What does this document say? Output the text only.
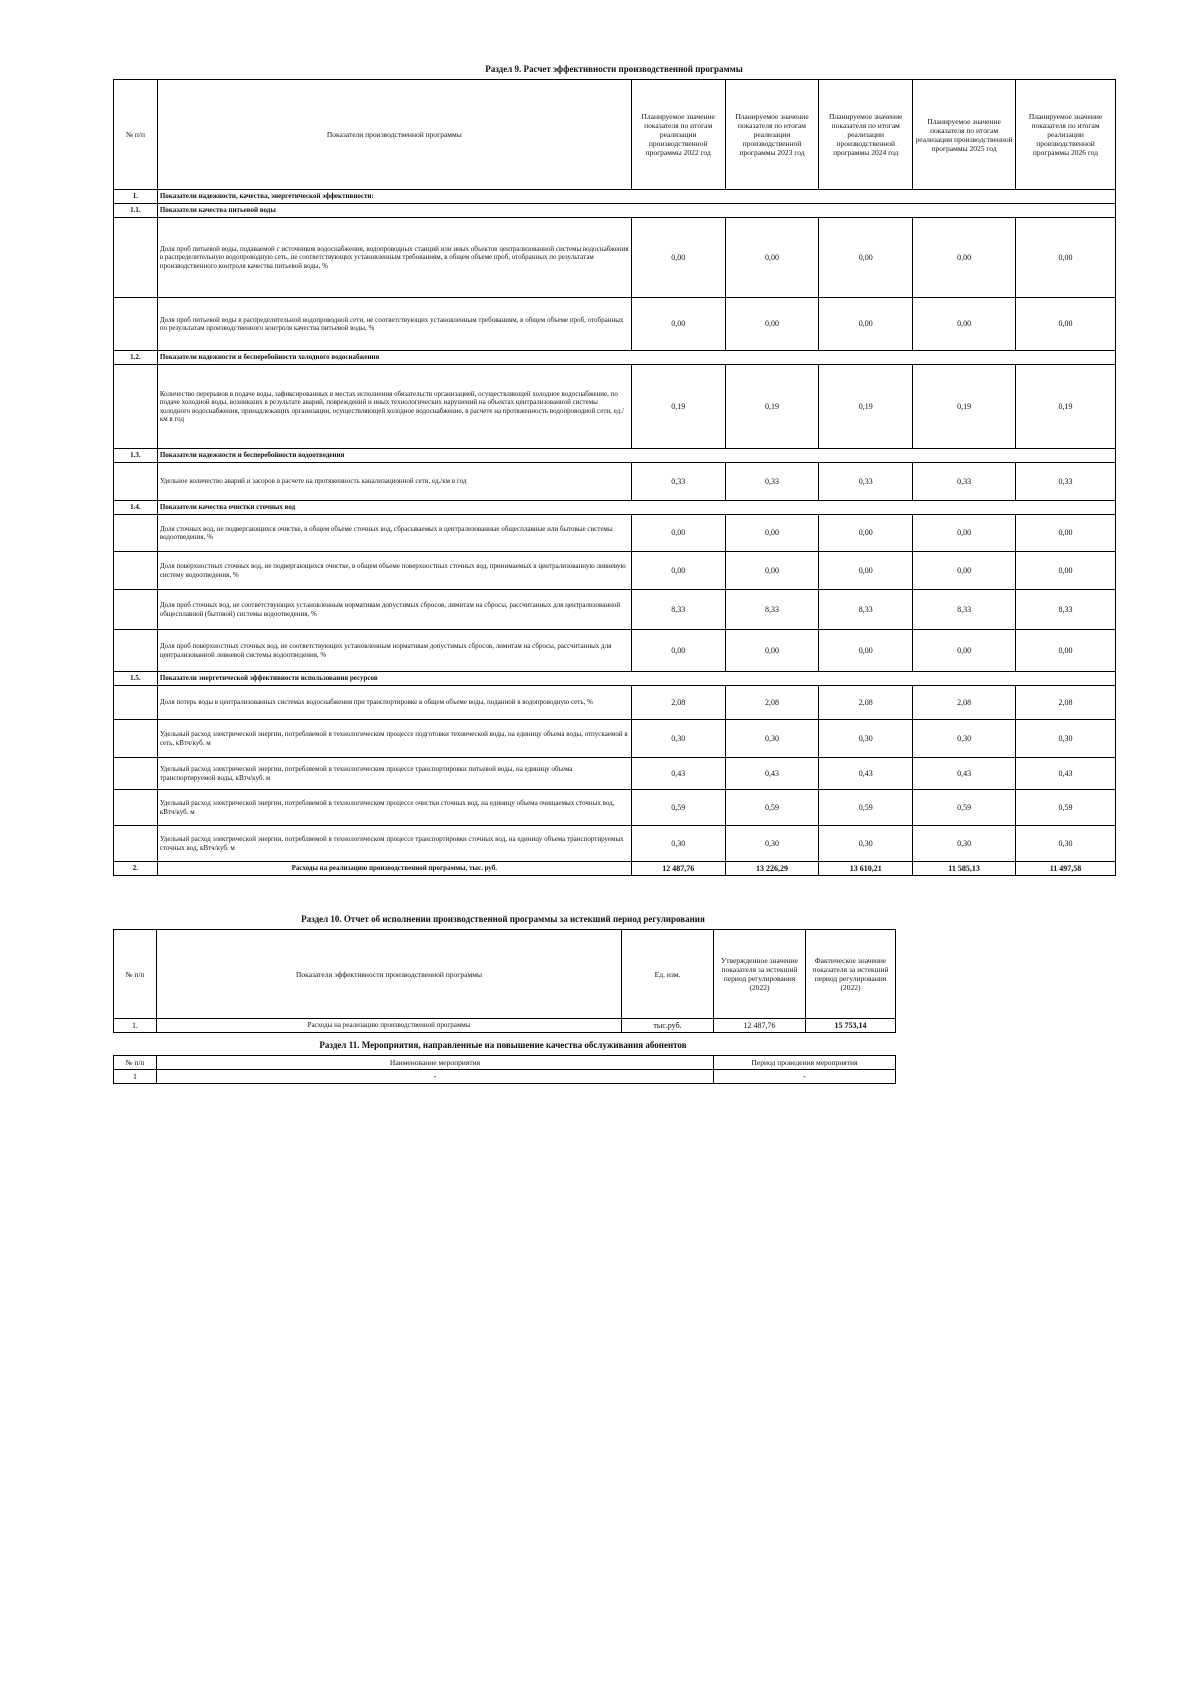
Раздел 9. Расчет эффективности производственной программы
№ п/п	Показатели производственной программы	Планируемое значение показателя по итогам реализации производственной программы 2022 год	Планируемое значение показателя по итогам реализации производственной программы 2023 год	Планируемое значение показателя по итогам реализации производственной программы 2024 год	Планируемое значение показателя по итогам реализации производственной программы 2025 год	Планируемое значение показателя по итогам реализации производственной программы 2026 год
1.	Показатели надежности, качества, энергетической эффективности:					
1.1.	Показатели качества питьевой воды					
	Доля проб питьевой воды, подаваемой с источников водоснабжения, водопроводных станций или иных объектов централизованной системы водоснабжения в распределительную водопроводную сеть, не соответствующих установленным требованиям, в общем объеме проб, отобранных по результатам производственного контроля качества питьевой воды, %	0,00	0,00	0,00	0,00	0,00
	Доля проб питьевой воды в распределительной водопроводной сети, не соответствующих установленным требованиям, в общем объеме проб, отобранных по результатам производственного контроля качества питьевой воды, %	0,00	0,00	0,00	0,00	0,00
1.2.	Показатели надежности и бесперебойности холодного водоснабжения					
	Количество перерывов в подаче воды, зафиксированных в местах исполнения обязательств организацией, осуществляющей холодное водоснабжение, по подаче холодной воды, возникших в результате аварий, повреждений и иных технологических нарушений на объектах централизованной системы холодного водоснабжения, принадлежащих организации, осуществляющей холодное водоснабжение, в расчете на протяженность водопроводной сети, ед./км в год	0,19	0,19	0,19	0,19	0,19
1.3.	Показатели надежности и бесперебойности водоотведения					
	Удельное количество аварий и засоров в расчете на протяженность канализационной сети, ед./км в год	0,33	0,33	0,33	0,33	0,33
1.4.	Показатели качества очистки сточных вод					
	Доля сточных вод, не подвергающихся очистке, в общем объеме сточных вод, сбрасываемых в централизованные общесплавные или бытовые системы водоотведения, %	0,00	0,00	0,00	0,00	0,00
	Доля поверхностных сточных вод, не подвергающихся очистке, в общем объеме поверхностных сточных вод, принимаемых в централизованную ливневую систему водоотведения, %	0,00	0,00	0,00	0,00	0,00
	Доля проб сточных вод, не соответствующих установленным нормативам допустимых сбросов, лимитам на сбросы, рассчитанных для централизованной общесплавной (бытовой) системы водоотведения, %	8,33	8,33	8,33	8,33	8,33
	Доля проб поверхностных сточных вод, не соответствующих установленным нормативам допустимых сбросов, лимитам на сбросы, рассчитанных для централизованной ливневой системы водоотведения, %	0,00	0,00	0,00	0,00	0,00
1.5.	Показатели энергетической эффективности использования ресурсов					
	Доля потерь воды в централизованных системах водоснабжения при транспортировке в общем объеме воды, поданной в водопроводную сеть, %	2,08	2,08	2,08	2,08	2,08
	Удельный расход электрической энергии, потребляемой в технологическом процессе подготовки технической воды, на единицу объема воды, отпускаемой в сеть, кВтч/куб. м	0,30	0,30	0,30	0,30	0,30
	Удельный расход электрической энергии, потребляемой в технологическом процессе транспортировки питьевой воды, на единицу объема транспортируемой воды, кВтч/куб. м	0,43	0,43	0,43	0,43	0,43
	Удельный расход электрической энергии, потребляемой в технологическом процессе очистки сточных вод, на единицу объема очищаемых сточных вод, кВтч/куб. м	0,59	0,59	0,59	0,59	0,59
	Удельный расход электрической энергии, потребляемой в технологическом процессе транспортировки сточных вод, на единицу объема транспортируемых сточных вод, кВтч/куб. м	0,30	0,30	0,30	0,30	0,30
2.	Расходы на реализацию производственной программы, тыс. руб.	12 487,76	13 226,29	13 610,21	11 585,13	11 497,58
Раздел 10. Отчет об исполнении производственной программы за истекший период регулирования
№ п/п	Показатели эффективности производственной программы	Ед. изм.	Утвержденное значение показателя за истекший период регулирования (2022)	Фактическое значение показателя за истекший период регулирования (2022)
1.	Расходы на реализацию производственной программы	тыс.руб.	12 487,76	15 753,14
Раздел 11. Мероприятия, направленные на повышение качества обслуживания абонентов
№ п/п	Наименование мероприятия	Период проведения мероприятия
1	-	-
